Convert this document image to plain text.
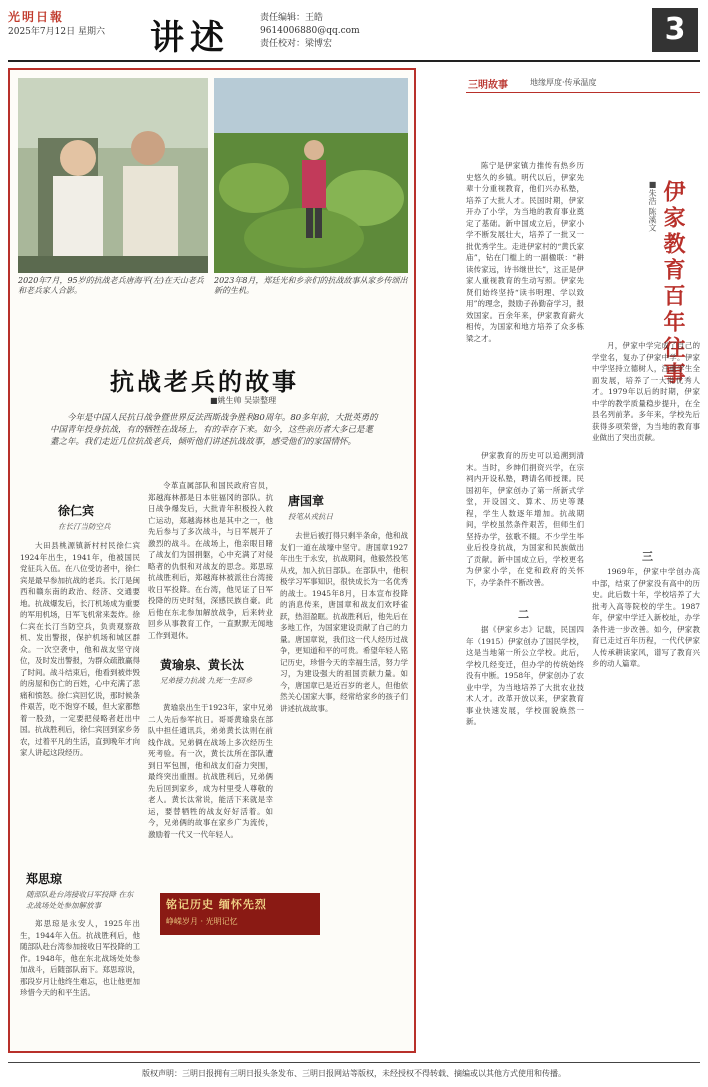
光明日報
2025年7月12日 星期六 讲述	责任编辑：王皓
9614006880@qq.com
责任校对：梁博宏	3
2020年7月，95岁的抗战老兵唐海平(左)在天山老兵和老兵家人合影。
2023年8月，郑廷光和乡亲们的抗战故事从家乡传颂出新的生机。
抗战老兵的故事
■姚生帅 吴崇整理
今年是中国人民抗日战争暨世界反法西斯战争胜利80周年。80多年前，大批英勇的中国青年投身抗战，有的牺牲在战场上，有的幸存下来。如今，这些亲历者大多已是耄耋之年。我们走近几位抗战老兵，倾听他们讲述抗战故事，感受他们的家国情怀。
徐仁宾
在长汀当防空兵

大田县桃源镇新村村民徐仁宾1924年出生，1941年，他被国民党征兵入伍。在八位受访者中，徐仁宾是最早参加抗战的老兵。长汀是闽西和赣东南的政治、经济、交通要地。抗战爆发后，长汀机场成为重要的军用机场，日军飞机常来轰炸。徐仁宾在长汀当防空兵，负责观察敌机、发出警报，保护机场和城区群众。一次空袭中，他和战友坚守岗位，及时发出警报，为群众疏散赢得了时间。战斗结束后，他看到被炸毁的房屋和伤亡的百姓，心中充满了悲痛和愤怒。徐仁宾回忆说，那时候条件艰苦，吃不饱穿不暖，但大家都憋着一股劲，一定要把侵略者赶出中国。抗战胜利后，徐仁宾回到家乡务农，过着平凡的生活，直到晚年才向家人讲起这段经历。

郑思琼
随部队赴台湾接收日军投降 在东北战场处处参加解放事

郑思琼是永安人，1925年出生，1944年入伍。抗战胜利后，他随部队赴台湾参加接收日军投降的工作。1948年，他在东北战场处处参加战斗，后随部队南下。郑思琼说，那段岁月让他终生难忘，也让他更加珍惜今天的和平生活。

令革直属部队和国民政府官员，郑越海林都是日本驻福冈的部队。抗日战争爆发后，大批青年积极投入救亡运动，郑越海林也是其中之一，他先后参与了多次战斗，与日军展开了激烈的战斗。在战场上，他亲眼目睹了战友们为国捐躯，心中充满了对侵略者的仇恨和对战友的思念。郑思琼抗战胜利后，郑越海林被派往台湾接收日军投降。在台湾，他见证了日军投降的历史时刻，深感民族自豪。此后他在东北参加解放战争，后来转业回乡从事教育工作，一直默默无闻地工作到退休。

黄瑜泉、黄长汰
兄弟接力抗战 九死一生回乡

黄瑜泉出生于1923年，家中兄弟二人先后参军抗日。哥哥黄瑜泉在部队中担任通讯兵，弟弟黄长汰则在前线作战。兄弟俩在战场上多次经历生死考验。有一次，黄长汰所在部队遭到日军包围，他和战友们奋力突围，最终突出重围。抗战胜利后，兄弟俩先后回到家乡，成为村里受人尊敬的老人。黄长汰常说，能活下来就是幸运，要替牺牲的战友好好活着。如今，兄弟俩的故事在家乡广为流传，激励着一代又一代年轻人。

唐国章
投笔从戎抗日

去世后被打得只剩半条命，他和战友们一道在战壕中坚守。唐国章1927年出生于永安，抗战期间，他毅然投笔从戎，加入抗日部队。在部队中，他积极学习军事知识，很快成长为一名优秀的战士。1945年8月，日本宣布投降的消息传来，唐国章和战友们欢呼雀跃，热泪盈眶。抗战胜利后，他先后在多地工作，为国家建设贡献了自己的力量。唐国章说，我们这一代人经历过战争，更知道和平的可贵。希望年轻人铭记历史，珍惜今天的幸福生活，努力学习，为建设强大的祖国贡献力量。如今，唐国章已是近百岁的老人，但他依然关心国家大事，经常给家乡的孩子们讲述抗战故事。

铭记历史 缅怀先烈
峥嵘岁月 · 光明记忆
三明故事	地缘厚度·传承温度

陈宁是伊家镇力推传有热乡历史悠久的乡镇。明代以后，伊家先辈十分重视教育，他们兴办私塾，培养了大批人才。民国时期，伊家开办了小学，为当地的教育事业奠定了基础。新中国成立后，伊家小学不断发展壮大，培养了一批又一批优秀学生。走进伊家村的“黄氏家庙”，钻在门槛上的一副楹联：“耕读传家远，诗书继世长”，这正是伊家人重视教育的生动写照。伊家先贤们始终坚持“读书明理、学以致用”的理念，鼓励子孙勤奋学习，报效国家。百余年来，伊家教育薪火相传，为国家和地方培养了众多栋梁之才。	伊家教育百年往事
■朱浩 陈溪文

伊家教育的历史可以追溯到清末。当时，乡绅们捐资兴学，在宗祠内开设私塾，聘请名师授课。民国初年，伊家创办了第一所新式学堂，开设国文、算术、历史等课程，学生人数逐年增加。抗战期间，学校虽然条件艰苦，但师生们坚持办学，弦歌不辍。不少学生毕业后投身抗战，为国家和民族做出了贡献。新中国成立后，学校更名为伊家小学，在党和政府的关怀下，办学条件不断改善。

二

据《伊家乡志》记载，民国四年（1915）伊家创办了国民学校，这是当地第一所公立学校。此后，学校几经变迁，但办学的传统始终没有中断。1958年，伊家创办了农业中学，为当地培养了大批农业技术人才。改革开放以来，伊家教育事业快速发展，学校面貌焕然一新。

月，伊家中学完成了自己的学堂名，复办了伊家中学。伊家中学坚持立德树人，注重学生全面发展，培养了一大批优秀人才。1979年以后的时期，伊家中学的教学质量稳步提升，在全县名列前茅。多年来，学校先后获得多项荣誉，为当地的教育事业做出了突出贡献。

三

1969年，伊家中学创办高中部，结束了伊家没有高中的历史。此后数十年，学校培养了大批考入高等院校的学生。1987年，伊家中学迁入新校址，办学条件进一步改善。如今，伊家教育已走过百年历程，一代代伊家人传承耕读家风，谱写了教育兴乡的动人篇章。

版权声明：三明日报拥有三明日报头条发布、三明日报网站等版权，未经授权不得转载、摘编或以其他方式使用和传播。
